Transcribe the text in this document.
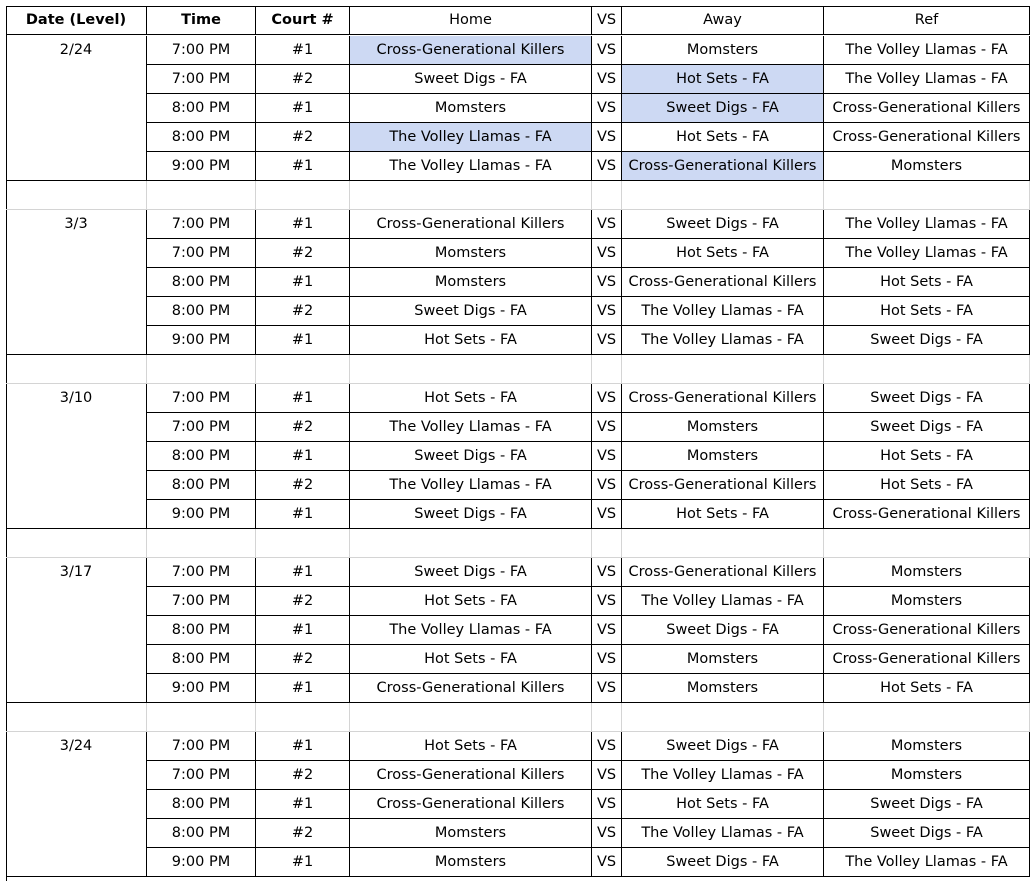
Date (Level)	Time	Court #	Home	VS	Away	Ref
2/24	7:00 PM	#1	Cross-Generational Killers	VS	Momsters	The Volley Llamas - FA
7:00 PM	#2	Sweet Digs - FA	VS	Hot Sets - FA	The Volley Llamas - FA
8:00 PM	#1	Momsters	VS	Sweet Digs - FA	Cross-Generational Killers
8:00 PM	#2	The Volley Llamas - FA	VS	Hot Sets - FA	Cross-Generational Killers
9:00 PM	#1	The Volley Llamas - FA	VS Cross-Generational Killers	Momsters
3/3	7:00 PM	#1	Cross-Generational Killers	VS	Sweet Digs - FA	The Volley Llamas - FA
7:00 PM	#2	Momsters	VS	Hot Sets - FA	The Volley Llamas - FA
8:00 PM	#1	Momsters	VS Cross-Generational Killers	Hot Sets - FA
8:00 PM	#2	Sweet Digs - FA	VS	The Volley Llamas - FA	Hot Sets - FA
9:00 PM	#1	Hot Sets - FA	VS	The Volley Llamas - FA	Sweet Digs - FA
3/10	7:00 PM	#1	Hot Sets - FA	VS Cross-Generational Killers	Sweet Digs - FA
7:00 PM	#2	The Volley Llamas - FA	VS	Momsters	Sweet Digs - FA
8:00 PM	#1	Sweet Digs - FA	VS	Momsters	Hot Sets - FA
8:00 PM	#2	The Volley Llamas - FA	VS Cross-Generational Killers	Hot Sets - FA
9:00 PM	#1	Sweet Digs - FA	VS	Hot Sets - FA	Cross-Generational Killers
3/17	7:00 PM	#1	Sweet Digs - FA	VS Cross-Generational Killers	Momsters
7:00 PM	#2	Hot Sets - FA	VS	The Volley Llamas - FA	Momsters
8:00 PM	#1	The Volley Llamas - FA	VS	Sweet Digs - FA	Cross-Generational Killers
8:00 PM	#2	Hot Sets - FA	VS	Momsters	Cross-Generational Killers
9:00 PM	#1	Cross-Generational Killers	VS	Momsters	Hot Sets - FA
3/24	7:00 PM	#1	Hot Sets - FA	VS	Sweet Digs - FA	Momsters
7:00 PM	#2	Cross-Generational Killers	VS	The Volley Llamas - FA	Momsters
8:00 PM	#1	Cross-Generational Killers	VS	Hot Sets - FA	Sweet Digs - FA
8:00 PM	#2	Momsters	VS	The Volley Llamas - FA	Sweet Digs - FA
9:00 PM	#1	Momsters	VS	Sweet Digs - FA	The Volley Llamas - FA
